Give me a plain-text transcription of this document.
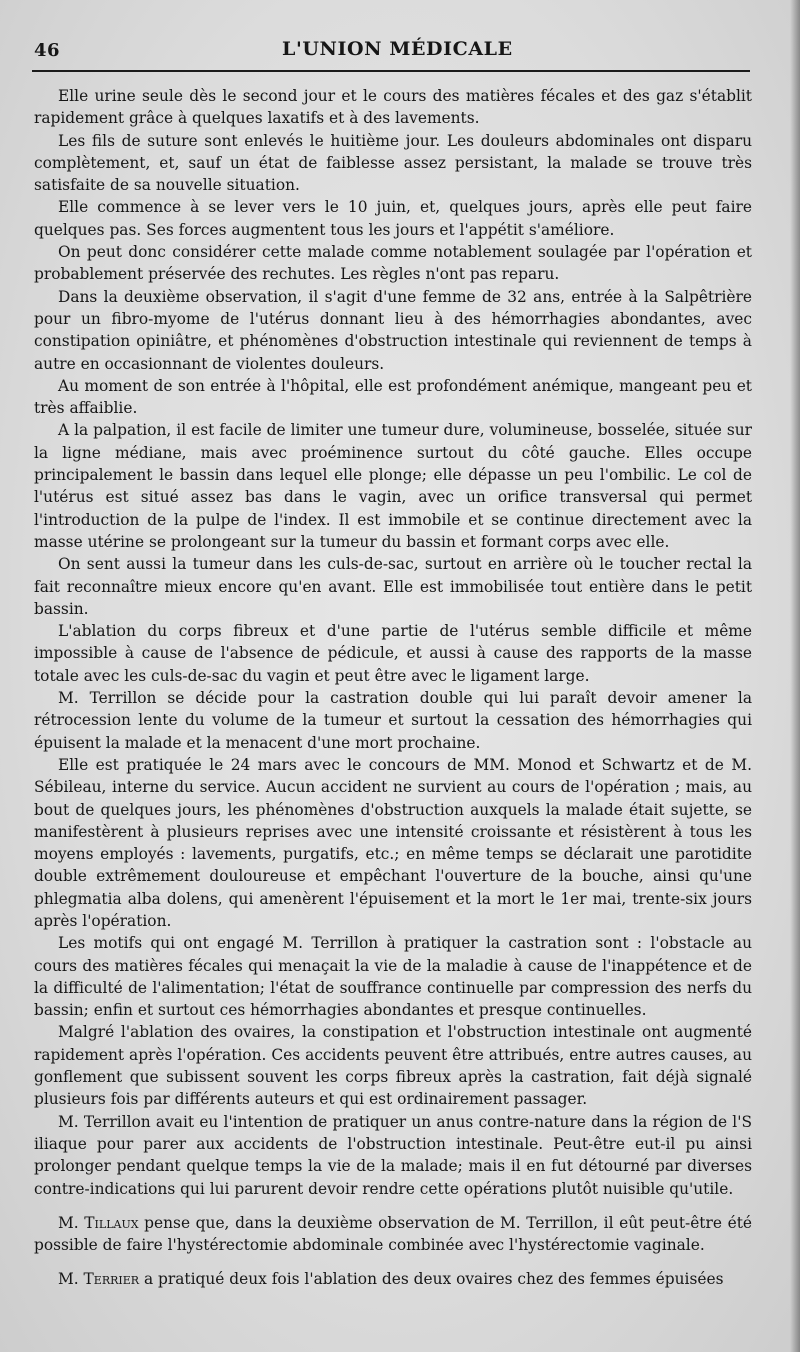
46	L'UNION MÉDICALE

Elle urine seule dès le second jour et le cours des matières fécales et des gaz s'établit rapidement grâce à quelques laxatifs et à des lavements.

Les fils de suture sont enlevés le huitième jour. Les douleurs abdominales ont disparu complètement, et, sauf un état de faiblesse assez persistant, la malade se trouve très satisfaite de sa nouvelle situation.

Elle commence à se lever vers le 10 juin, et, quelques jours, après elle peut faire quelques pas. Ses forces augmentent tous les jours et l'appétit s'améliore.

On peut donc considérer cette malade comme notablement soulagée par l'opération et probablement préservée des rechutes. Les règles n'ont pas reparu.

Dans la deuxième observation, il s'agit d'une femme de 32 ans, entrée à la Salpêtrière pour un fibro-myome de l'utérus donnant lieu à des hémorrhagies abondantes, avec constipation opiniâtre, et phénomènes d'obstruction intestinale qui reviennent de temps à autre en occasionnant de violentes douleurs.

Au moment de son entrée à l'hôpital, elle est profondément anémique, mangeant peu et très affaiblie.

A la palpation, il est facile de limiter une tumeur dure, volumineuse, bosselée, située sur la ligne médiane, mais avec proéminence surtout du côté gauche. Elles occupe principalement le bassin dans lequel elle plonge; elle dépasse un peu l'ombilic. Le col de l'utérus est situé assez bas dans le vagin, avec un orifice transversal qui permet l'introduction de la pulpe de l'index. Il est immobile et se continue directement avec la masse utérine se prolongeant sur la tumeur du bassin et formant corps avec elle.

On sent aussi la tumeur dans les culs-de-sac, surtout en arrière où le toucher rectal la fait reconnaître mieux encore qu'en avant. Elle est immobilisée tout entière dans le petit bassin.

L'ablation du corps fibreux et d'une partie de l'utérus semble difficile et même impossible à cause de l'absence de pédicule, et aussi à cause des rapports de la masse totale avec les culs-de-sac du vagin et peut être avec le ligament large.

M. Terrillon se décide pour la castration double qui lui paraît devoir amener la rétrocession lente du volume de la tumeur et surtout la cessation des hémorrhagies qui épuisent la malade et la menacent d'une mort prochaine.

Elle est pratiquée le 24 mars avec le concours de MM. Monod et Schwartz et de M. Sébileau, interne du service. Aucun accident ne survient au cours de l'opération ; mais, au bout de quelques jours, les phénomènes d'obstruction auxquels la malade était sujette, se manifestèrent à plusieurs reprises avec une intensité croissante et résistèrent à tous les moyens employés : lavements, purgatifs, etc.; en même temps se déclarait une parotidite double extrêmement douloureuse et empêchant l'ouverture de la bouche, ainsi qu'une phlegmatia alba dolens, qui amenèrent l'épuisement et la mort le 1er mai, trente-six jours après l'opération.

Les motifs qui ont engagé M. Terrillon à pratiquer la castration sont : l'obstacle au cours des matières fécales qui menaçait la vie de la maladie à cause de l'inappétence et de la difficulté de l'alimentation; l'état de souffrance continuelle par compression des nerfs du bassin; enfin et surtout ces hémorrhagies abondantes et presque continuelles.

Malgré l'ablation des ovaires, la constipation et l'obstruction intestinale ont augmenté rapidement après l'opération. Ces accidents peuvent être attribués, entre autres causes, au gonflement que subissent souvent les corps fibreux après la castration, fait déjà signalé plusieurs fois par différents auteurs et qui est ordinairement passager.

M. Terrillon avait eu l'intention de pratiquer un anus contre-nature dans la région de l'S iliaque pour parer aux accidents de l'obstruction intestinale. Peut-être eut-il pu ainsi prolonger pendant quelque temps la vie de la malade; mais il en fut détourné par diverses contre-indications qui lui parurent devoir rendre cette opérations plutôt nuisible qu'utile.

M. Tillaux pense que, dans la deuxième observation de M. Terrillon, il eût peut-être été possible de faire l'hystérectomie abdominale combinée avec l'hystérectomie vaginale.

M. Terrier a pratiqué deux fois l'ablation des deux ovaires chez des femmes épuisées
